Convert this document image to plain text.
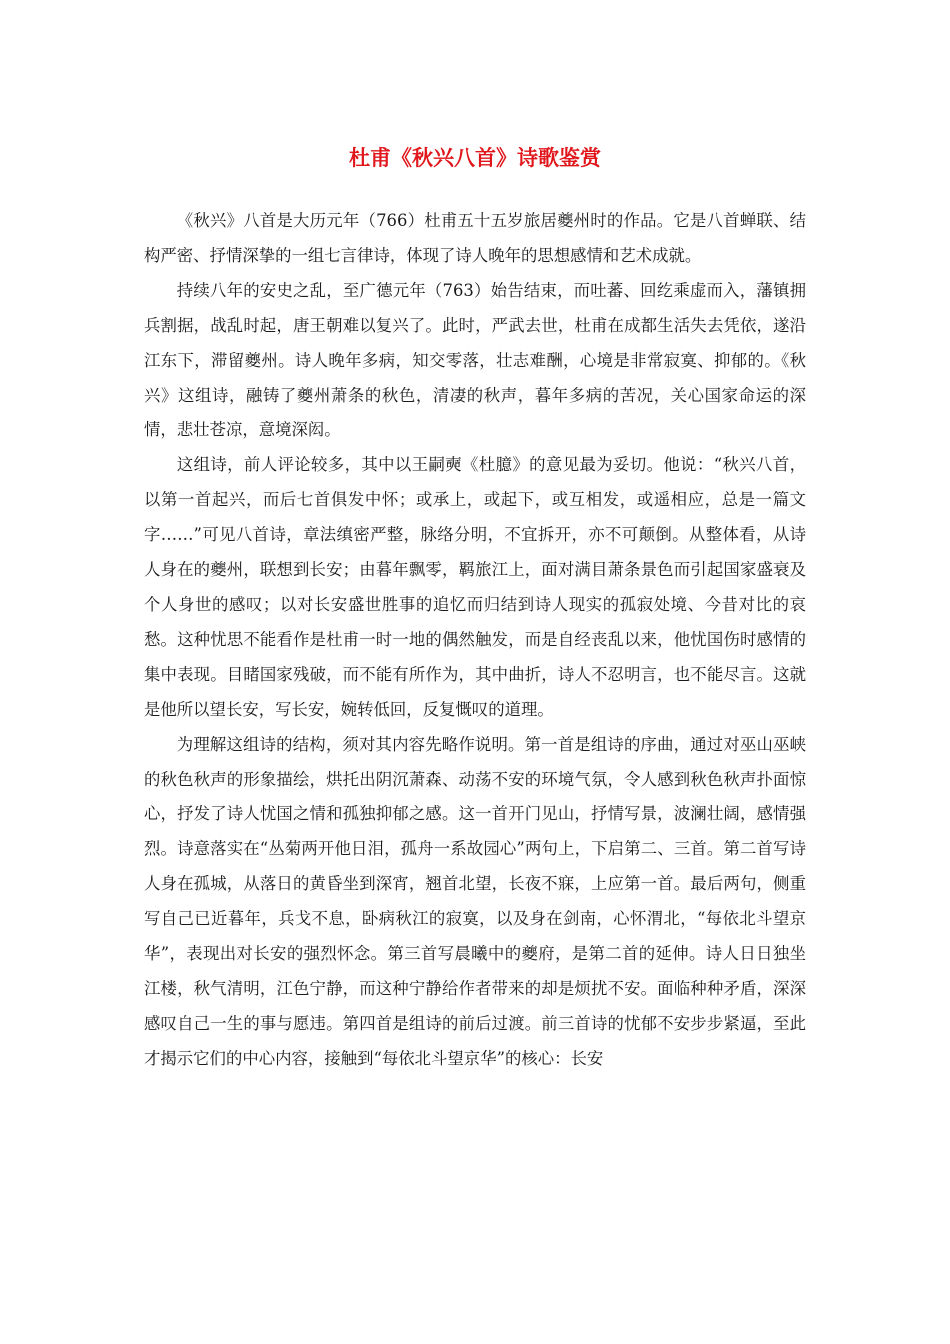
杜甫《秋兴八首》诗歌鉴赏

《秋兴》八首是大历元年（766）杜甫五十五岁旅居夔州时的作品。它是八首蝉联、结构严密、抒情深挚的一组七言律诗，体现了诗人晚年的思想感情和艺术成就。

持续八年的安史之乱，至广德元年（763）始告结束，而吐蕃、回纥乘虚而入，藩镇拥兵割据，战乱时起，唐王朝难以复兴了。此时，严武去世，杜甫在成都生活失去凭依，遂沿江东下，滞留夔州。诗人晚年多病，知交零落，壮志难酬，心境是非常寂寞、抑郁的。《秋兴》这组诗，融铸了夔州萧条的秋色，清凄的秋声，暮年多病的苦况，关心国家命运的深情，悲壮苍凉，意境深闳。

这组诗，前人评论较多，其中以王嗣奭《杜臆》的意见最为妥切。他说：“秋兴八首，以第一首起兴，而后七首俱发中怀；或承上，或起下，或互相发，或遥相应，总是一篇文字……”可见八首诗，章法缜密严整，脉络分明，不宜拆开，亦不可颠倒。从整体看，从诗人身在的夔州，联想到长安；由暮年飘零，羁旅江上，面对满目萧条景色而引起国家盛衰及个人身世的感叹；以对长安盛世胜事的追忆而归结到诗人现实的孤寂处境、今昔对比的哀愁。这种忧思不能看作是杜甫一时一地的偶然触发，而是自经丧乱以来，他忧国伤时感情的集中表现。目睹国家残破，而不能有所作为，其中曲折，诗人不忍明言，也不能尽言。这就是他所以望长安，写长安，婉转低回，反复慨叹的道理。

为理解这组诗的结构，须对其内容先略作说明。第一首是组诗的序曲，通过对巫山巫峡的秋色秋声的形象描绘，烘托出阴沉萧森、动荡不安的环境气氛，令人感到秋色秋声扑面惊心，抒发了诗人忧国之情和孤独抑郁之感。这一首开门见山，抒情写景，波澜壮阔，感情强烈。诗意落实在“丛菊两开他日泪，孤舟一系故园心”两句上，下启第二、三首。第二首写诗人身在孤城，从落日的黄昏坐到深宵，翘首北望，长夜不寐，上应第一首。最后两句，侧重写自己已近暮年，兵戈不息，卧病秋江的寂寞，以及身在剑南，心怀渭北，“每依北斗望京华”，表现出对长安的强烈怀念。第三首写晨曦中的夔府，是第二首的延伸。诗人日日独坐江楼，秋气清明，江色宁静，而这种宁静给作者带来的却是烦扰不安。面临种种矛盾，深深感叹自己一生的事与愿违。第四首是组诗的前后过渡。前三首诗的忧郁不安步步紧逼，至此才揭示它们的中心内容，接触到“每依北斗望京华”的核心：长安
